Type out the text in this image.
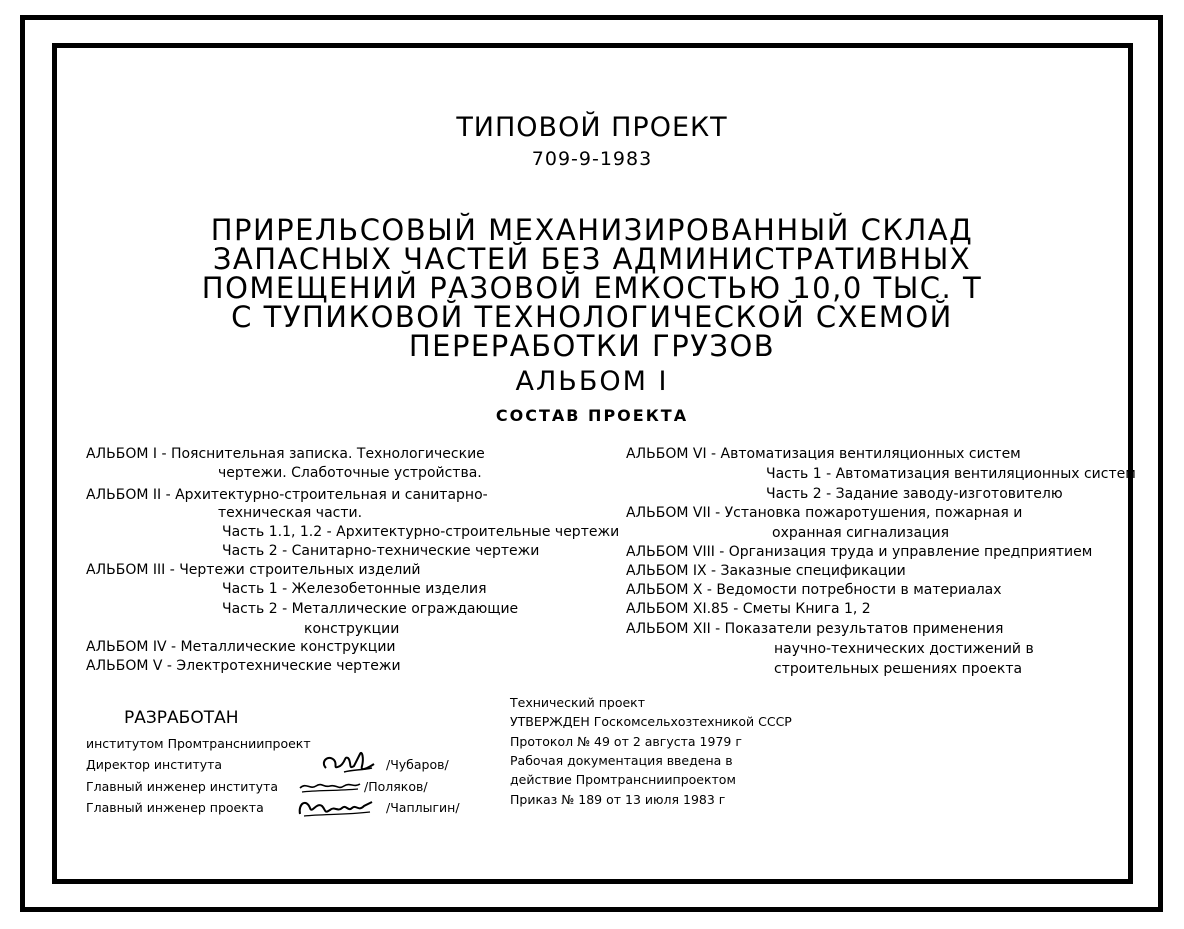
ТИПОВОЙ ПРОЕКТ
709-9-1983
ПРИРЕЛЬСОВЫЙ МЕХАНИЗИРОВАННЫЙ СКЛАД
ЗАПАСНЫХ ЧАСТЕЙ БЕЗ АДМИНИСТРАТИВНЫХ
ПОМЕЩЕНИЙ РАЗОВОЙ ЕМКОСТЬЮ 10,0 ТЫС. Т
С ТУПИКОВОЙ ТЕХНОЛОГИЧЕСКОЙ СХЕМОЙ
ПЕРЕРАБОТКИ ГРУЗОВ
АЛЬБОМ I
СОСТАВ ПРОЕКТА
АЛЬБОМ I - Пояснительная записка. Технологические
чертежи. Слаботочные устройства.
АЛЬБОМ II - Архитектурно-строительная и санитарно-
техническая части.
Часть 1.1, 1.2 - Архитектурно-строительные чертежи
Часть 2 - Санитарно-технические чертежи
АЛЬБОМ III - Чертежи строительных изделий
Часть 1 - Железобетонные изделия
Часть 2 - Металлические ограждающие
конструкции
АЛЬБОМ IV - Металлические конструкции
АЛЬБОМ V - Электротехнические чертежи
АЛЬБОМ VI - Автоматизация вентиляционных систем
Часть 1 - Автоматизация вентиляционных систем
Часть 2 - Задание заводу-изготовителю
АЛЬБОМ VII - Установка пожаротушения, пожарная и
охранная сигнализация
АЛЬБОМ VIII - Организация труда и управление предприятием
АЛЬБОМ IX - Заказные спецификации
АЛЬБОМ X - Ведомости потребности в материалах
АЛЬБОМ XI.85 - Сметы Книга 1, 2
АЛЬБОМ XII - Показатели результатов применения
научно-технических достижений в
строительных решениях проекта
РАЗРАБОТАН
институтом Промтрансниипроект
Директор института	/Чубаров/
Главный инженер института	/Поляков/
Главный инженер проекта	/Чаплыгин/
Технический проект
УТВЕРЖДЕН Госкомсельхозтехникой СССР
Протокол № 49 от 2 августа 1979 г
Рабочая документация введена в
действие Промтрансниипроектом
Приказ № 189 от 13 июля 1983 г
